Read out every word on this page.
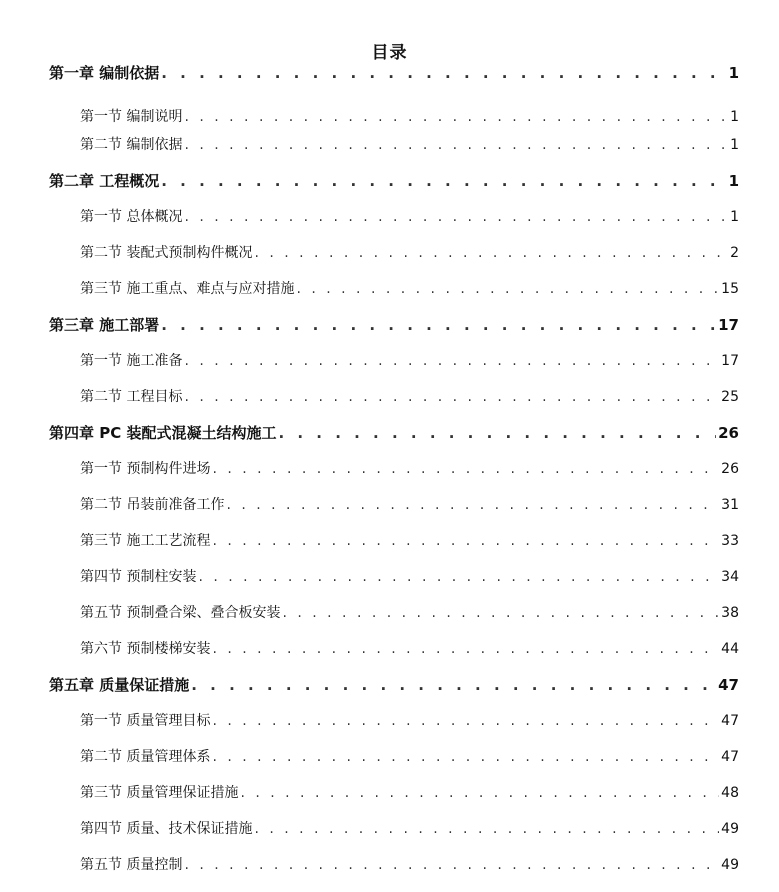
目录
第一章 编制依据 . . .	1
第一节 编制说明 . . .	1
第二节 编制依据 . . .	1
第二章 工程概况 . . .	1
第一节 总体概况 . . .	1
第二节 装配式预制构件概况 . . .	2
第三节 施工重点、难点与应对措施 . . .	15
第三章 施工部署 . . .	17
第一节 施工准备 . . .	17
第二节 工程目标 . . .	25
第四章 PC 装配式混凝土结构施工 . . .	26
第一节 预制构件进场 . . .	26
第二节 吊装前准备工作 . . .	31
第三节 施工工艺流程 . . .	33
第四节 预制柱安装 . . .	34
第五节 预制叠合梁、叠合板安装 . . .	38
第六节 预制楼梯安装 . . .	44
第五章 质量保证措施 . . .	47
第一节 质量管理目标 . . .	47
第二节 质量管理体系 . . .	47
第三节 质量管理保证措施 . . .	48
第四节 质量、技术保证措施 . . .	49
第五节 质量控制 . . .	49
